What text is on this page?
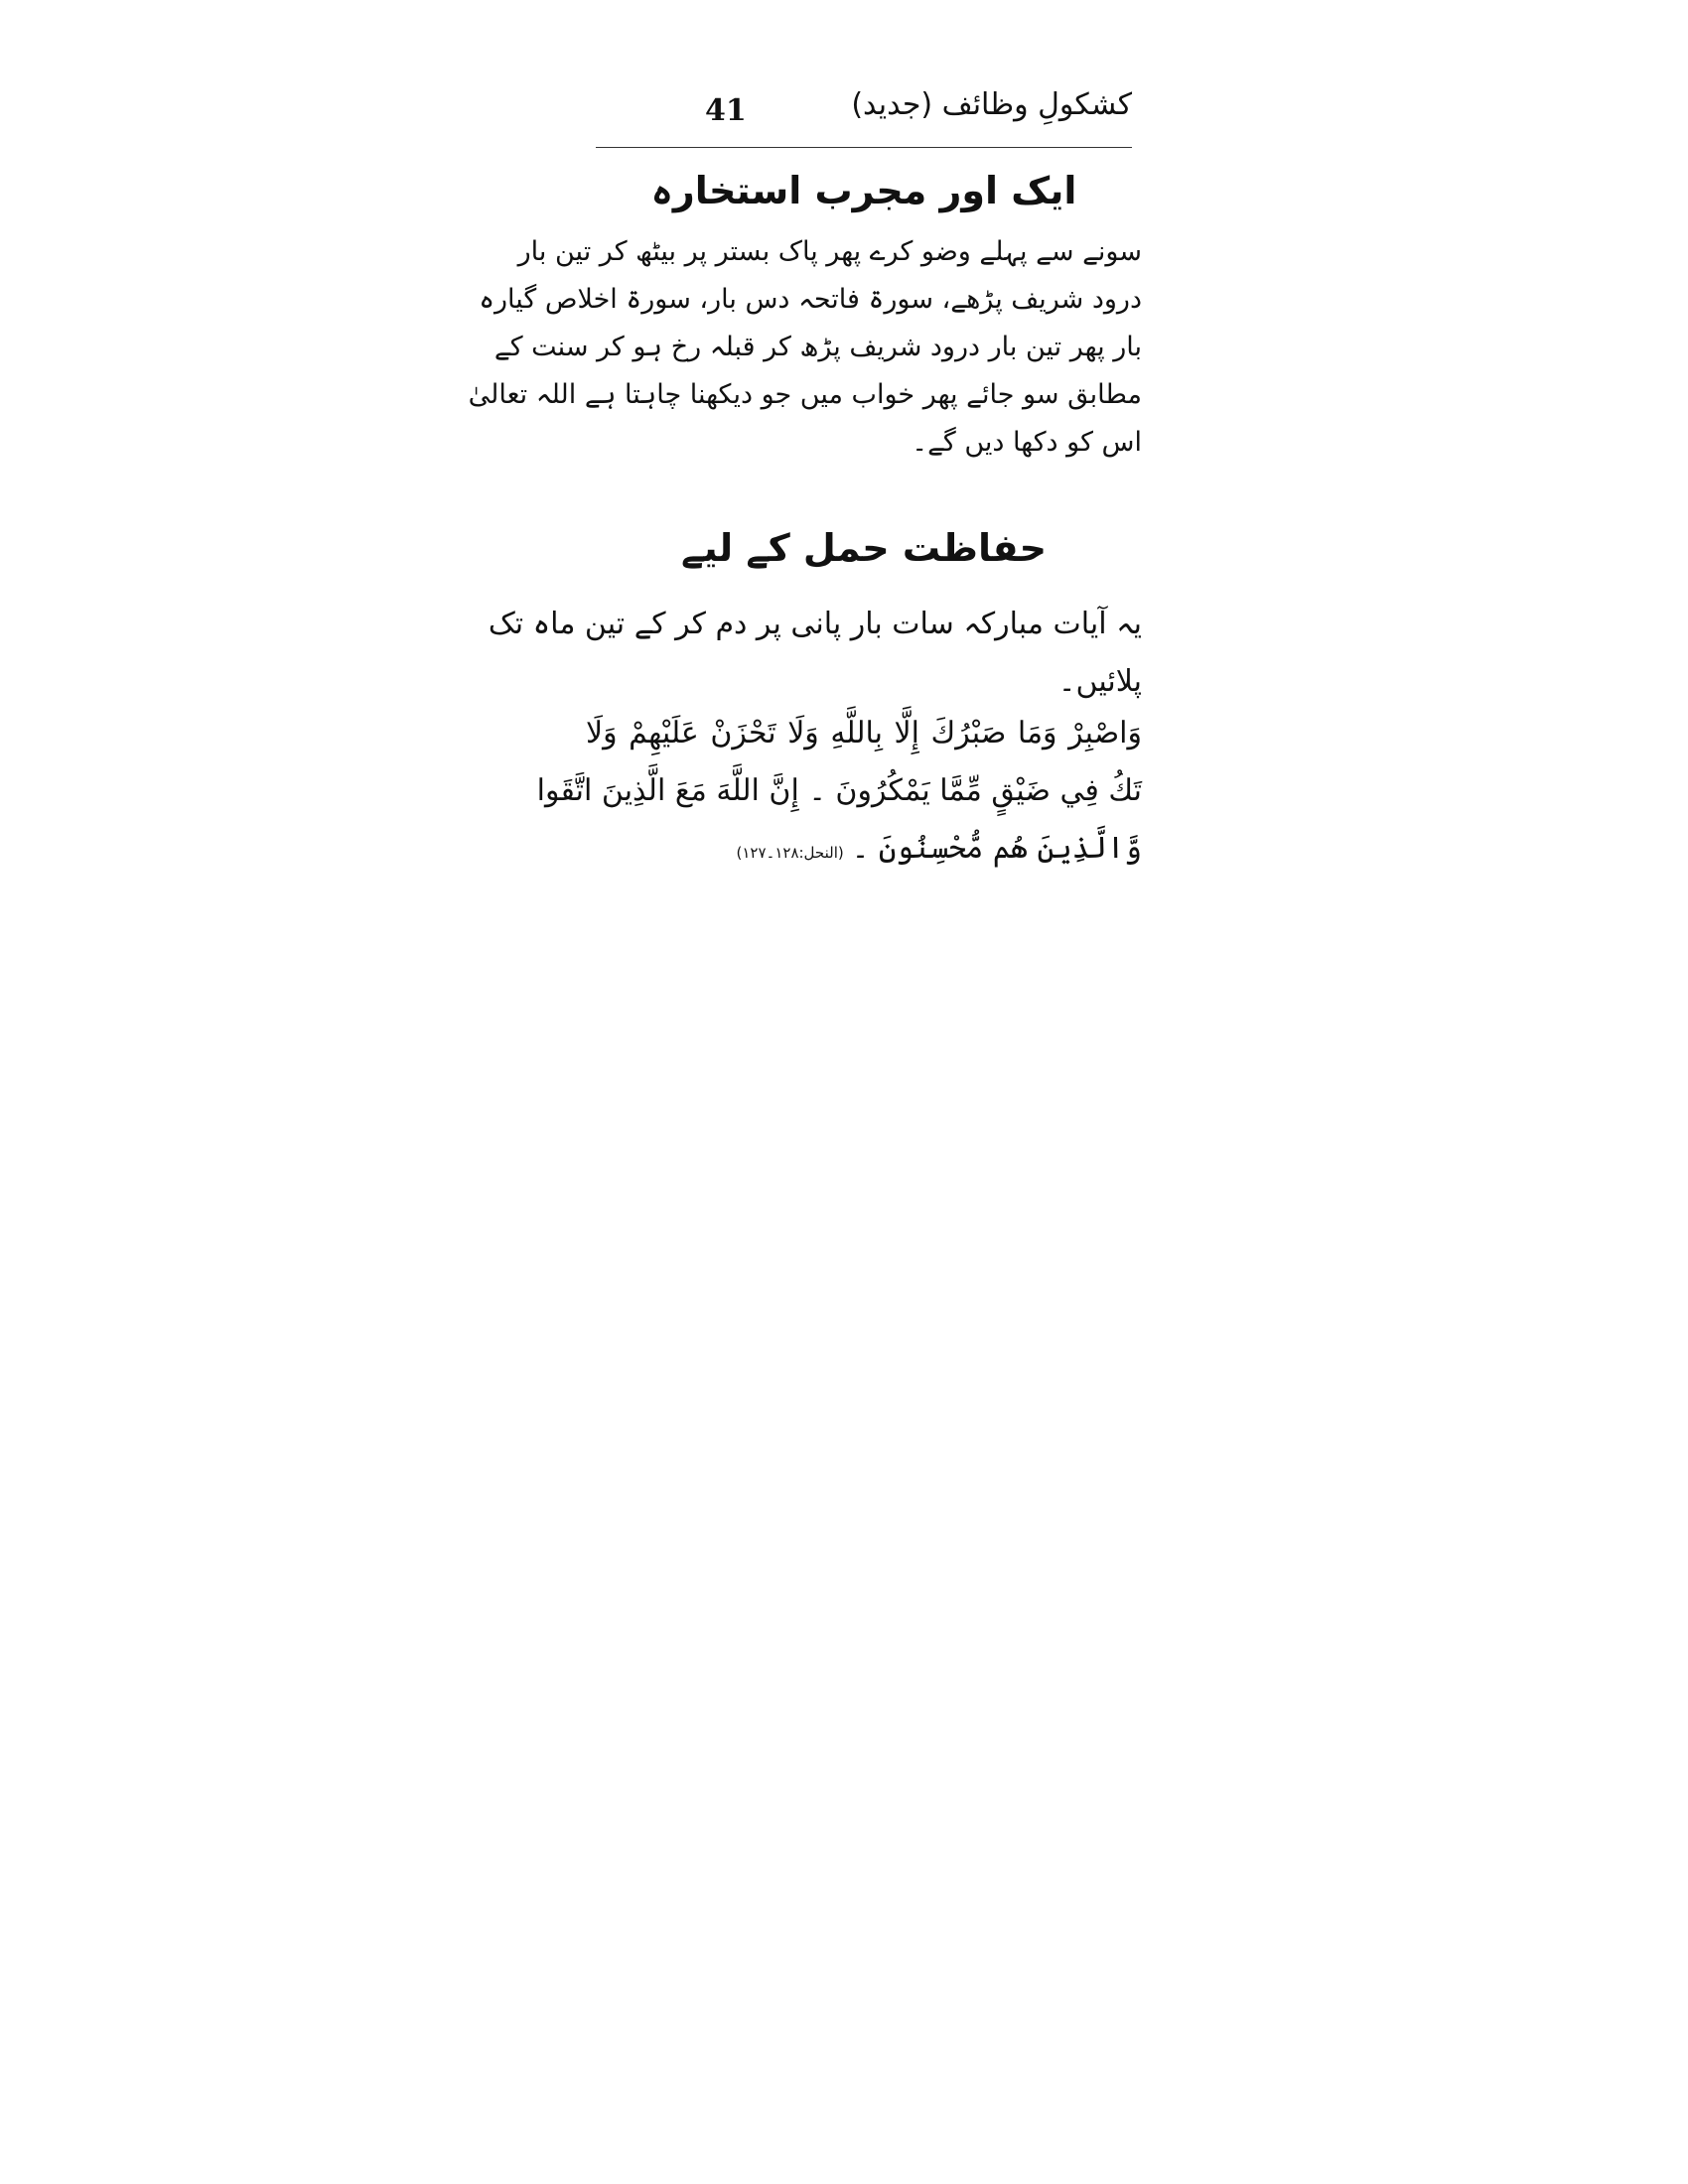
41	کشکولِ وظائف (جدید)
ایک اور مجرب استخارہ
سونے سے پہلے وضو کرے پھر پاک بستر پر بیٹھ کر تین بار
درود شریف پڑھے، سورۃ فاتحہ دس بار، سورۃ اخلاص گیارہ
بار پھر تین بار درود شریف پڑھ کر قبلہ رخ ہو کر سنت کے
مطابق سو جائے پھر خواب میں جو دیکھنا چاہتا ہے اللہ تعالیٰ
اس کو دکھا دیں گے۔
حفاظت حمل کے لیے
یہ آیات مبارکہ سات بار پانی پر دم کر کے تین ماہ تک
پلائیں۔
وَاصْبِرْ وَمَا صَبْرُكَ إِلَّا بِاللَّهِ وَلَا تَحْزَنْ عَلَيْهِمْ وَلَا
تَكُ فِي ضَيْقٍ مِّمَّا يَمْكُرُونَ ۔ إِنَّ اللَّهَ مَعَ الَّذِينَ اتَّقَوا
وَّالَّذِينَ هُم مُّحْسِنُونَ ۔(النحل:۱۲۸۔۱۲۷)
